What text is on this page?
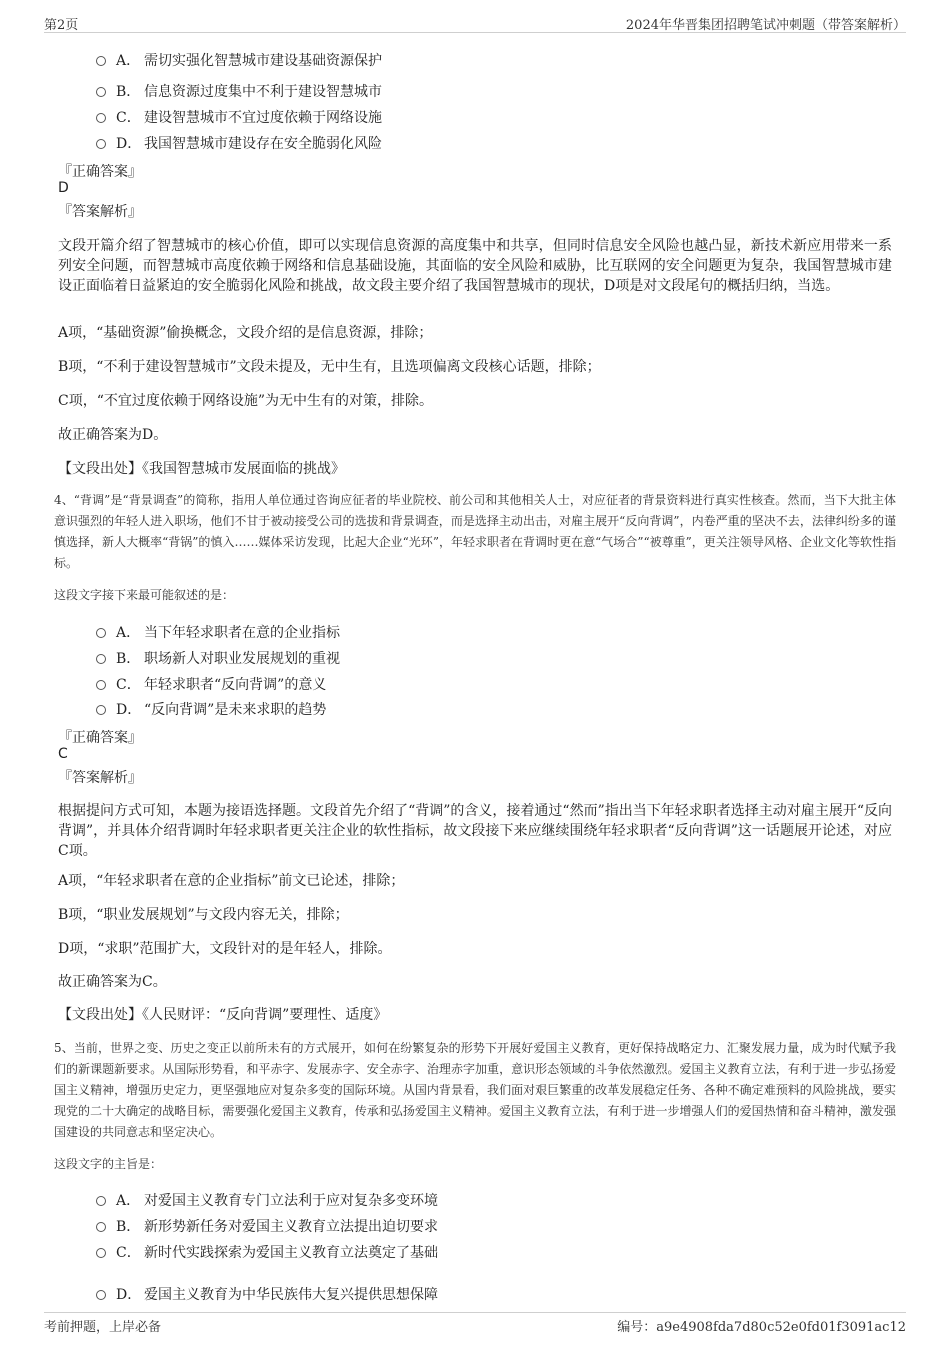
第2页	2024年华晋集团招聘笔试冲刺题（带答案解析）
A． 需切实强化智慧城市建设基础资源保护
B． 信息资源过度集中不利于建设智慧城市
C． 建设智慧城市不宜过度依赖于网络设施
D． 我国智慧城市建设存在安全脆弱化风险
『正确答案』
D
『答案解析』
文段开篇介绍了智慧城市的核心价值，即可以实现信息资源的高度集中和共享，但同时信息安全风险也越凸显，新技术新应用带来一系列安全问题，而智慧城市高度依赖于网络和信息基础设施，其面临的安全风险和威胁，比互联网的安全问题更为复杂，我国智慧城市建设正面临着日益紧迫的安全脆弱化风险和挑战，故文段主要介绍了我国智慧城市的现状，D项是对文段尾句的概括归纳，当选。
A项，“基础资源”偷换概念，文段介绍的是信息资源，排除；
B项，“不利于建设智慧城市”文段未提及，无中生有，且选项偏离文段核心话题，排除；
C项，“不宜过度依赖于网络设施”为无中生有的对策，排除。
故正确答案为D。
【文段出处】《我国智慧城市发展面临的挑战》
4、“背调”是“背景调查”的简称，指用人单位通过咨询应征者的毕业院校、前公司和其他相关人士，对应征者的背景资料进行真实性核查。然而，当下大批主体意识强烈的年轻人进入职场，他们不甘于被动接受公司的选拔和背景调查，而是选择主动出击，对雇主展开“反向背调”，内卷严重的坚决不去，法律纠纷多的谨慎选择，新人大概率“背锅”的慎入……媒体采访发现，比起大企业“光环”，年轻求职者在背调时更在意“气场合”“被尊重”，更关注领导风格、企业文化等软性指标。
这段文字接下来最可能叙述的是：
A． 当下年轻求职者在意的企业指标
B． 职场新人对职业发展规划的重视
C． 年轻求职者“反向背调”的意义
D． “反向背调”是未来求职的趋势
『正确答案』
C
『答案解析』
根据提问方式可知，本题为接语选择题。文段首先介绍了“背调”的含义，接着通过“然而”指出当下年轻求职者选择主动对雇主展开“反向背调”，并具体介绍背调时年轻求职者更关注企业的软性指标，故文段接下来应继续围绕年轻求职者“反向背调”这一话题展开论述，对应C项。
A项，“年轻求职者在意的企业指标”前文已论述，排除；
B项，“职业发展规划”与文段内容无关，排除；
D项，“求职”范围扩大，文段针对的是年轻人，排除。
故正确答案为C。
【文段出处】《人民财评：“反向背调”要理性、适度》
5、当前，世界之变、历史之变正以前所未有的方式展开，如何在纷繁复杂的形势下开展好爱国主义教育，更好保持战略定力、汇聚发展力量，成为时代赋予我们的新课题新要求。从国际形势看，和平赤字、发展赤字、安全赤字、治理赤字加重，意识形态领域的斗争依然激烈。爱国主义教育立法，有利于进一步弘扬爱国主义精神，增强历史定力，更坚强地应对复杂多变的国际环境。从国内背景看，我们面对艰巨繁重的改革发展稳定任务、各种不确定难预料的风险挑战，要实现党的二十大确定的战略目标，需要强化爱国主义教育，传承和弘扬爱国主义精神。爱国主义教育立法，有利于进一步增强人们的爱国热情和奋斗精神，激发强国建设的共同意志和坚定决心。
这段文字的主旨是：
A． 对爱国主义教育专门立法利于应对复杂多变环境
B． 新形势新任务对爱国主义教育立法提出迫切要求
C． 新时代实践探索为爱国主义教育立法奠定了基础
D． 爱国主义教育为中华民族伟大复兴提供思想保障
考前押题，上岸必备	编号：a9e4908fda7d80c52e0fd01f3091ac12
